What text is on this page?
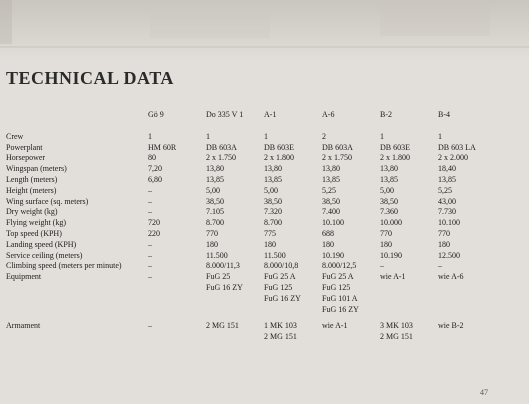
TECHNICAL DATA
	Gö 9	Do 335 V 1	A-1	A-6	B-2	B-4

Crew	1	1	1	2	1	1
Powerplant	HM 60R	DB 603A	DB 603E	DB 603A	DB 603E	DB 603 LA
Horsepower	80	2 x 1.750	2 x 1.800	2 x 1.750	2 x 1.800	2 x 2.000
Wingspan (meters)	7,20	13,80	13,80	13,80	13,80	18,40
Length (meters)	6,80	13,85	13,85	13,85	13,85	13,85
Height (meters)	–	5,00	5,00	5,25	5,00	5,25
Wing surface (sq. meters)	–	38,50	38,50	38,50	38,50	43,00
Dry weight (kg)	–	7.105	7.320	7.400	7.360	7.730
Flying weight (kg)	720	8.700	8.700	10.100	10.000	10.100
Top speed (KPH)	220	770	775	688	770	770
Landing speed (KPH)	–	180	180	180	180	180
Service ceiling (meters)	–	11.500	11.500	10.190	10.190	12.500
Climbing speed (meters per minute)	–	8.000/11,3	8.000/10,8	8.000/12,5	–	–
Equipment	–	FuG 25	FuG 25 A	FuG 25 A	wie A-1	wie A-6
		FuG 16 ZY	FuG 125	FuG 125		
			FuG 16 ZY	FuG 101 A		
				FuG 16 ZY		

Armament	–	2 MG 151	1 MK 103	wie A-1	3 MK 103	wie B-2
			2 MG 151		2 MG 151	
47
